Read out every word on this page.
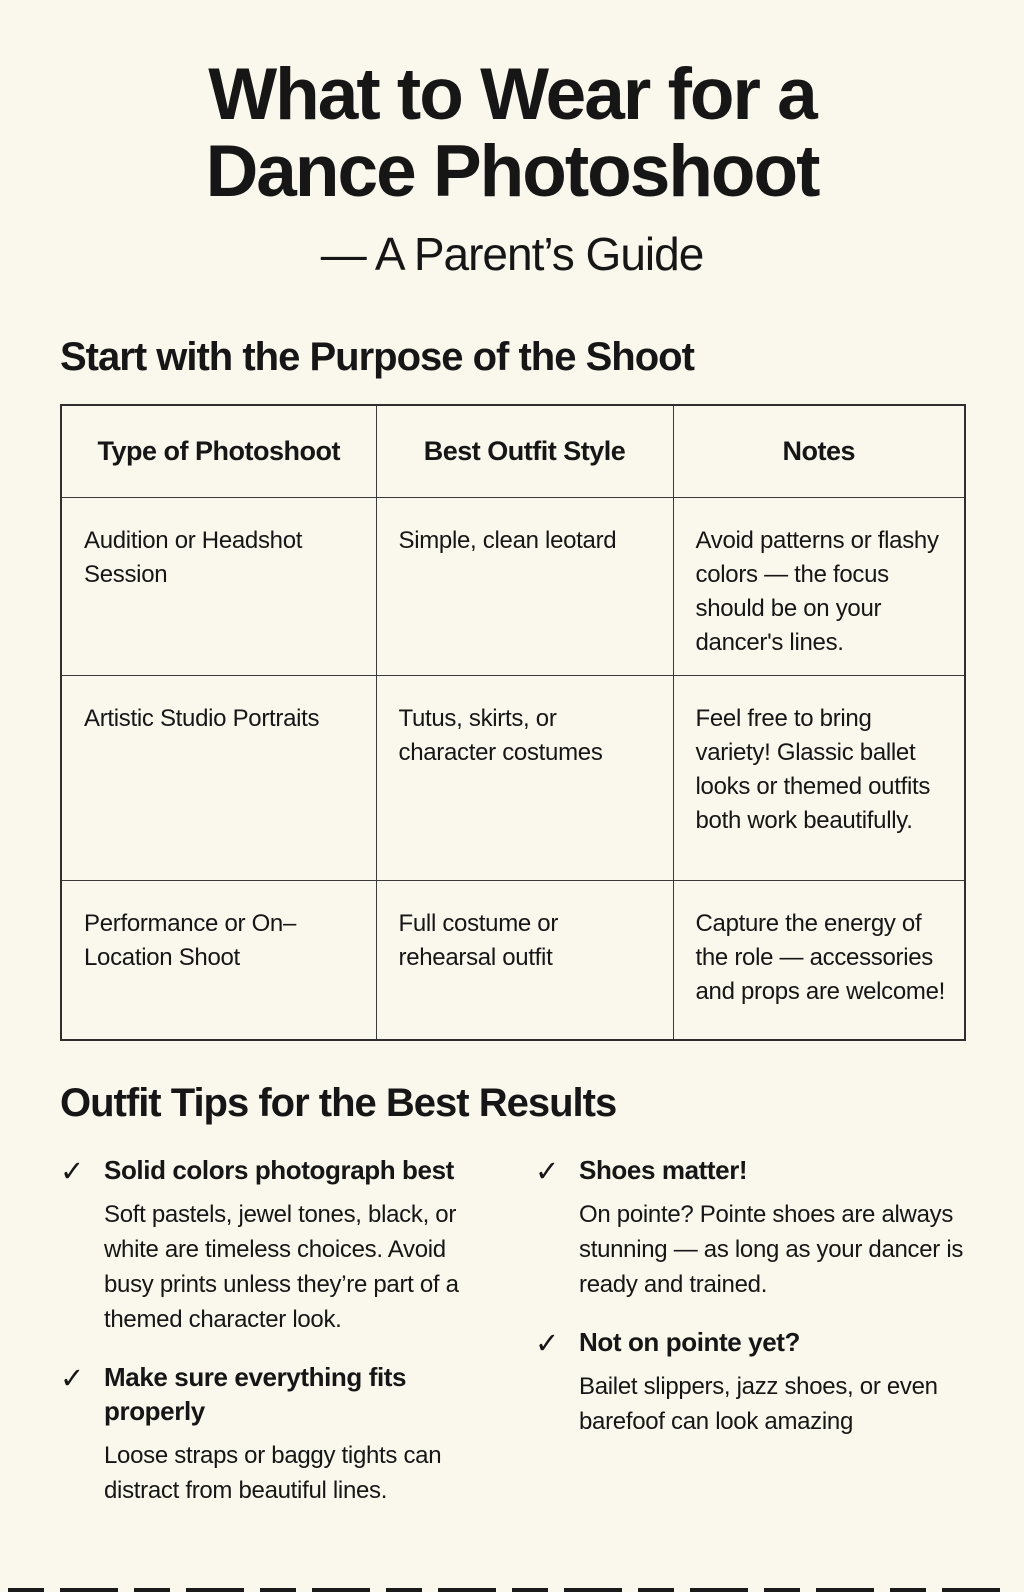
What to Wear for a
Dance Photoshoot
— A Parent’s Guide
Start with the Purpose of the Shoot
Type of Photoshoot	Best Outfit Style	Notes
Audition or Headshot Session	Simple, clean leotard	Avoid patterns or flashy colors — the focus should be on your dancer's lines.
Artistic Studio Portraits	Tutus, skirts, or character costumes	Feel free to bring variety! Glassic ballet looks or themed outfits both work beautifully.
Performance or On–Location Shoot	Full costume or rehearsal outfit	Capture the energy of the role — accessories and props are welcome!
Outfit Tips for the Best Results
✓ Solid colors photograph best
Soft pastels, jewel tones, black, or white are timeless choices. Avoid busy prints unless they’re part of a themed character look.
✓ Make sure everything fits properly
Loose straps or baggy tights can distract from beautiful lines.
✓ Shoes matter!
On pointe? Pointe shoes are always stunning — as long as your dancer is ready and trained.
✓ Not on pointe yet?
Bailet slippers, jazz shoes, or even barefoof can look amazing
